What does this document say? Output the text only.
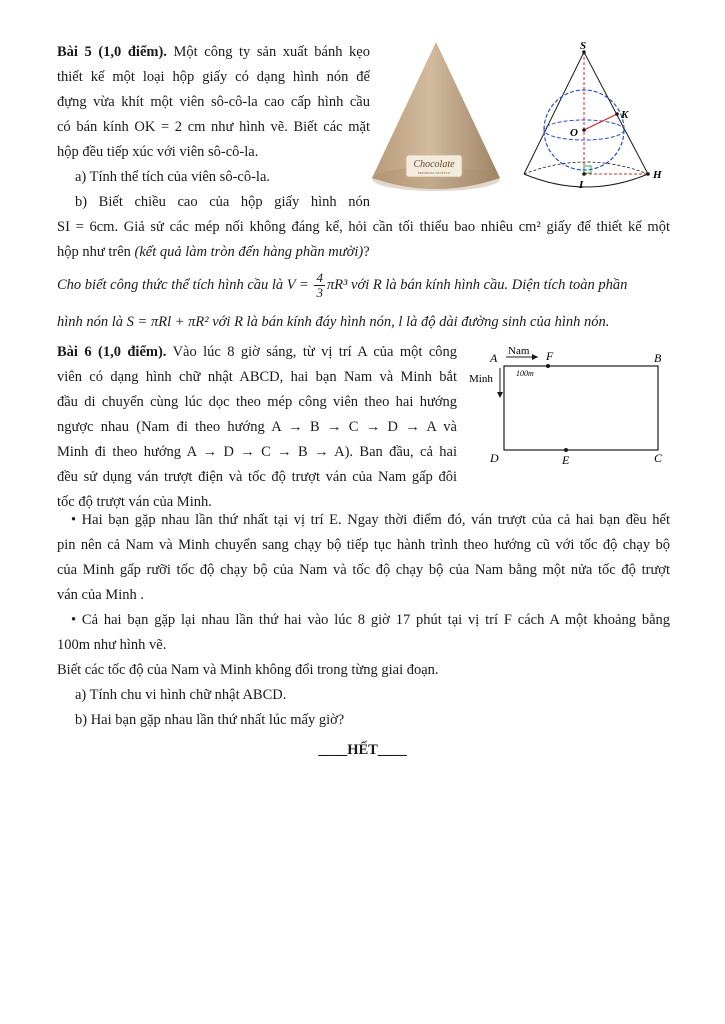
Bài 5 (1,0 điểm). Một công ty sản xuất bánh kẹo
thiết kế một loại hộp giấy có dạng hình nón để
đựng vừa khít một viên sô-cô-la cao cấp hình cầu
có bán kính OK = 2 cm như hình vẽ. Biết các mặt
hộp đều tiếp xúc với viên sô-cô-la.
a) Tính thể tích của viên sô-cô-la.
b) Biết chiều cao của hộp giấy hình nón
SI = 6cm. Giả sử các mép nối không đáng kể, hỏi cần tối thiểu bao nhiêu cm² giấy để thiết kế một
hộp như trên (kết quả làm tròn đến hàng phần mười)?
Cho biết công thức thể tích hình cầu là $V = \frac{4}{3} \pi R^3$ với R là bán kính hình cầu. Diện tích toàn phần
hình nón là S = πRl + πR² với R là bán kính đáy hình nón, l là độ dài đường sinh của hình nón.
Chocolate
PREMIUM TRUFFLE
S
K
O
I
H
Bài 6 (1,0 điểm). Vào lúc 8 giờ sáng, từ vị trí A của một công
viên có dạng hình chữ nhật ABCD, hai bạn Nam và Minh bắt
đầu di chuyển cùng lúc dọc theo mép công viên theo hai hướng
ngược nhau (Nam đi theo hướng A → B → C → D → A và
Minh đi theo hướng A → D → C → B → A). Ban đầu, cả hai
đều sử dụng ván trượt điện và tốc độ trượt ván của Nam gấp đôi
tốc độ trượt ván của Minh.
A	B
C
D	E
F
Nam
Minh	100m
• Hai bạn gặp nhau lần thứ nhất tại vị trí E. Ngay thời điểm đó, ván trượt của cả hai bạn đều hết
pin nên cả Nam và Minh chuyển sang chạy bộ tiếp tục hành trình theo hướng cũ với tốc độ chạy bộ
của Minh gấp rưỡi tốc độ chạy bộ của Nam và tốc độ chạy bộ của Nam bằng một nửa tốc độ trượt
ván của Minh .
• Cả hai bạn gặp lại nhau lần thứ hai vào lúc 8 giờ 17 phút tại vị trí F cách A một khoảng bằng
100m như hình vẽ.
Biết các tốc độ của Nam và Minh không đổi trong từng giai đoạn.
a) Tính chu vi hình chữ nhật ABCD.
b) Hai bạn gặp nhau lần thứ nhất lúc mấy giờ?
____HẾT____
